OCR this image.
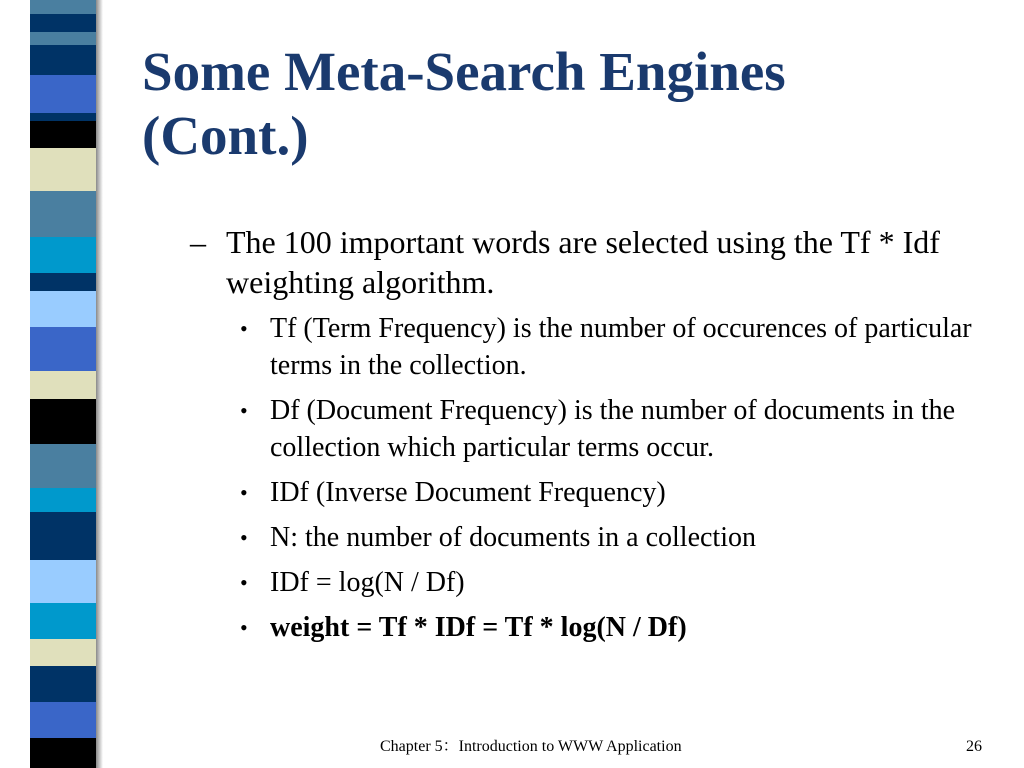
Some Meta-Search Engines
(Cont.)
– The 100 important words are selected using the Tf * Idf weighting algorithm.
• Tf (Term Frequency) is the number of occurences of particular terms in the collection.
• Df (Document Frequency) is the number of documents in the collection which particular terms occur.
• IDf (Inverse Document Frequency)
• N: the number of documents in a collection
• IDf = log(N / Df)
• weight = Tf * IDf = Tf * log(N / Df)
Chapter 5：Introduction to WWW Application	26
